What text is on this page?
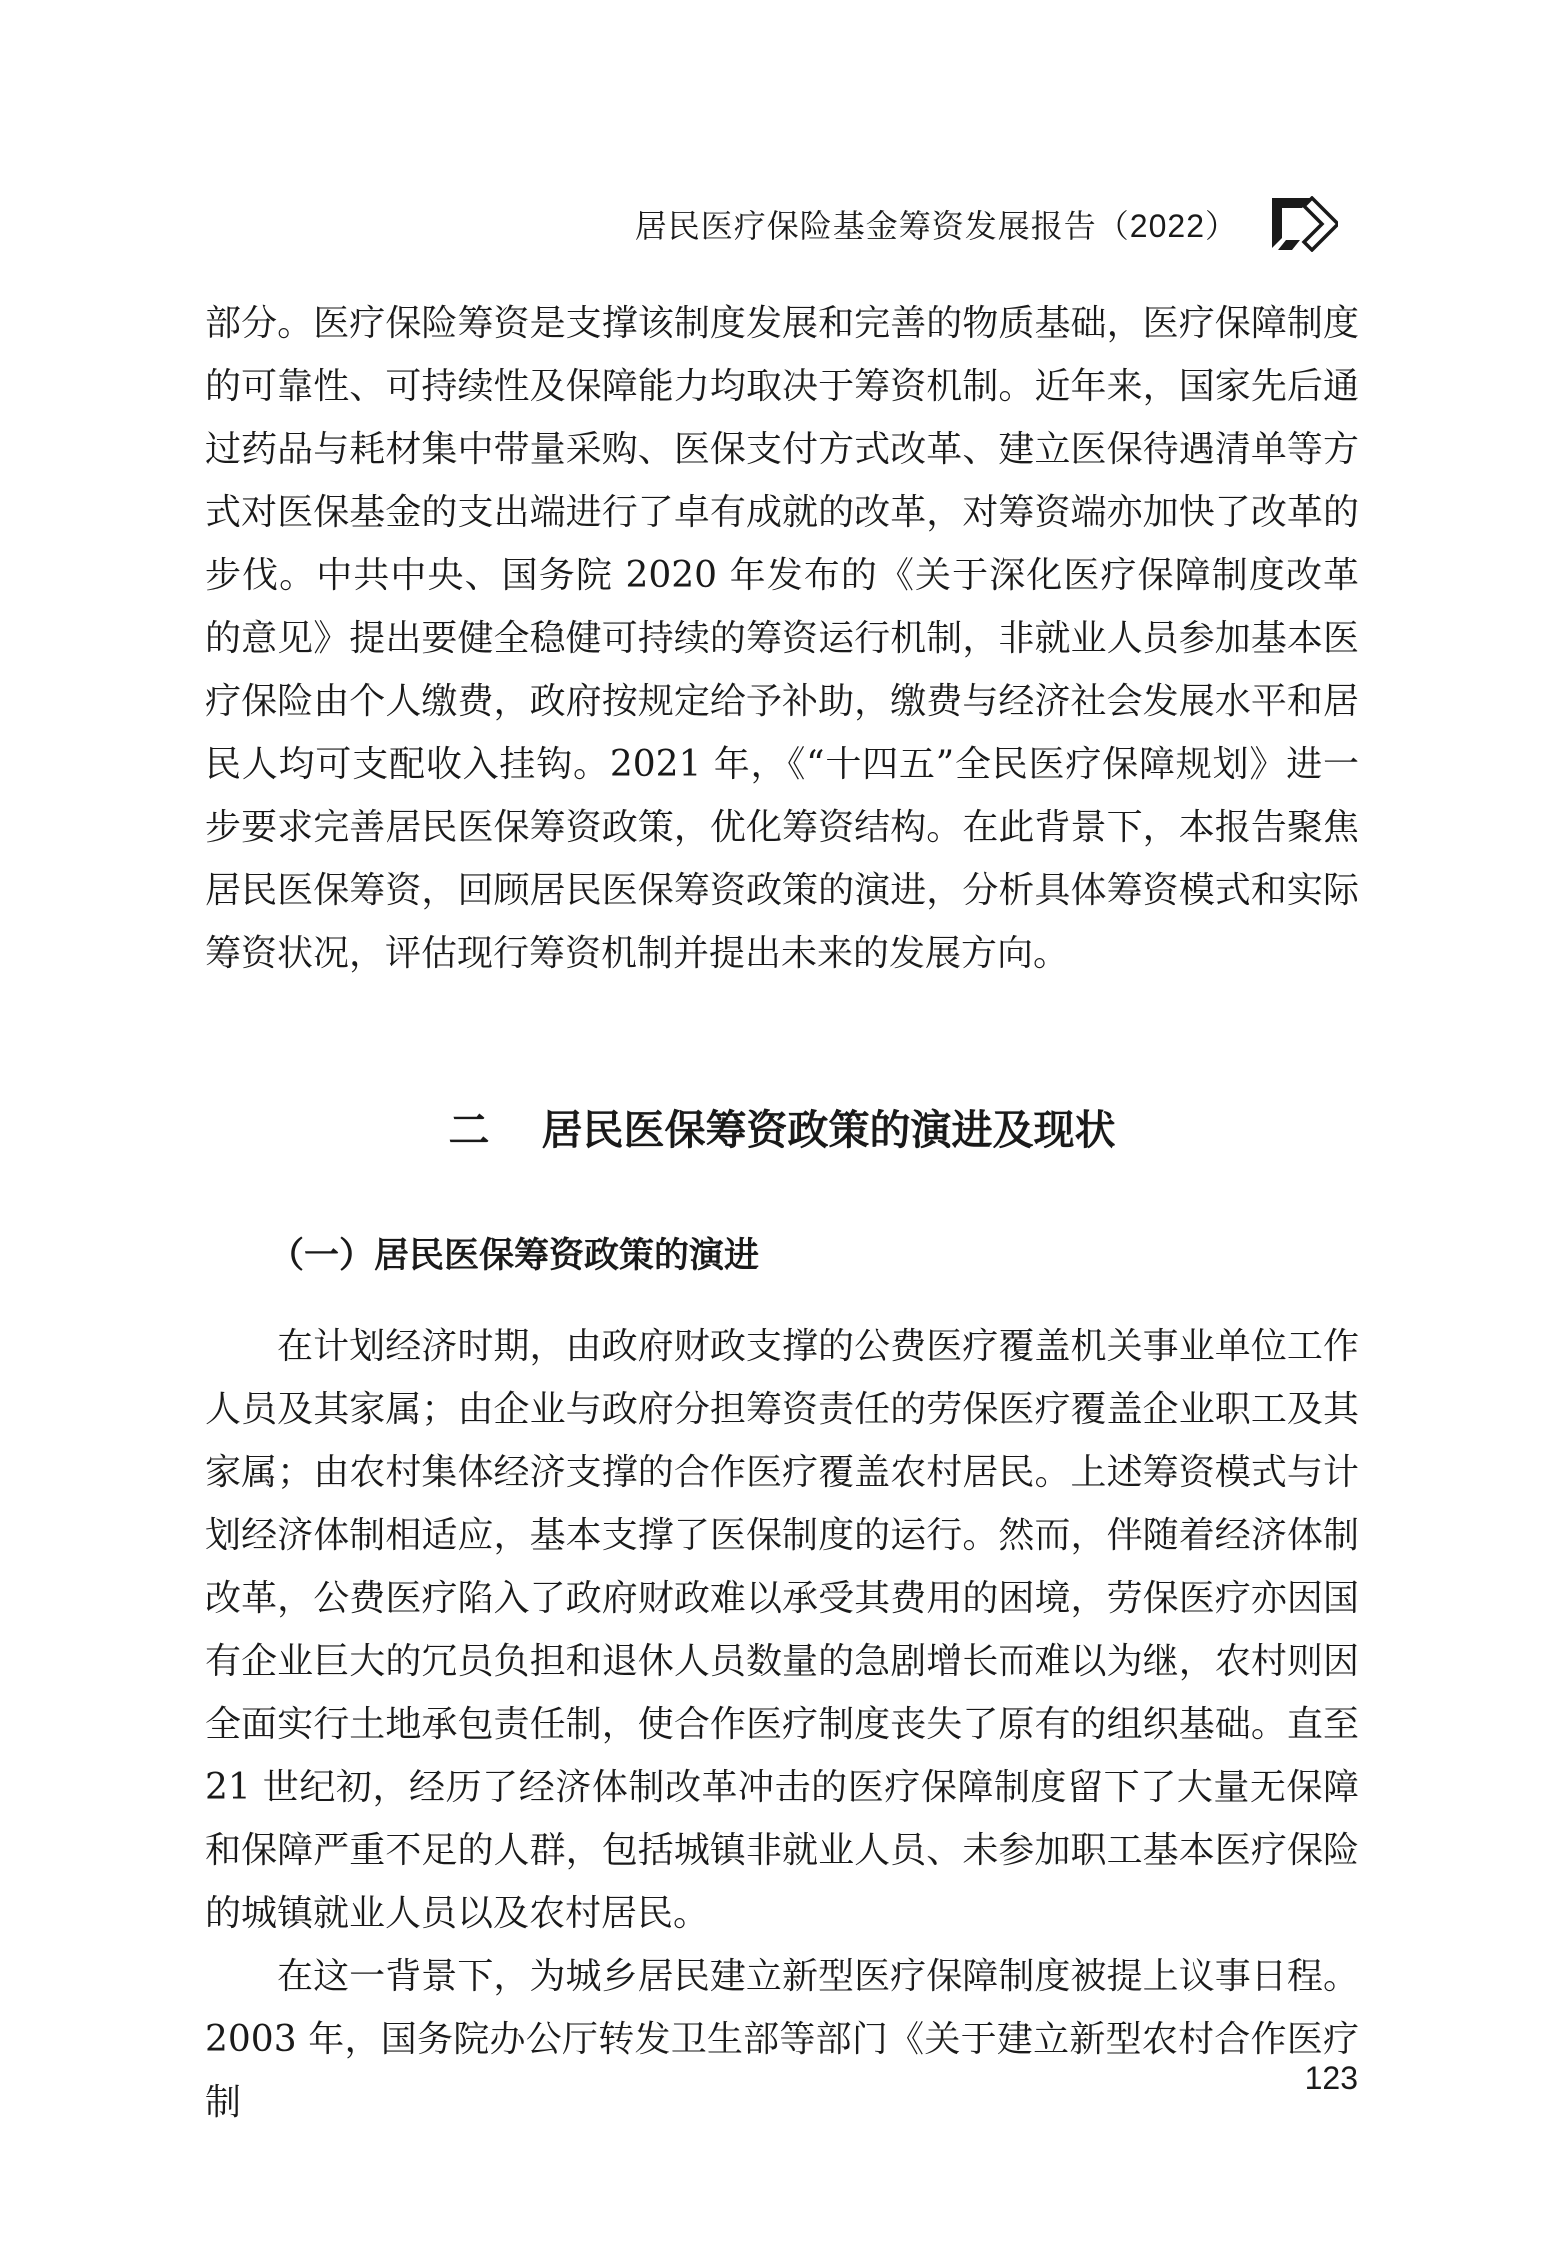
居民医疗保险基金筹资发展报告（2022）

部分。医疗保险筹资是支撑该制度发展和完善的物质基础，医疗保障制度的可靠性、可持续性及保障能力均取决于筹资机制。近年来，国家先后通过药品与耗材集中带量采购、医保支付方式改革、建立医保待遇清单等方式对医保基金的支出端进行了卓有成就的改革，对筹资端亦加快了改革的步伐。中共中央、国务院 2020 年发布的《关于深化医疗保障制度改革的意见》提出要健全稳健可持续的筹资运行机制，非就业人员参加基本医疗保险由个人缴费，政府按规定给予补助，缴费与经济社会发展水平和居民人均可支配收入挂钩。2021 年，《“十四五”全民医疗保障规划》进一步要求完善居民医保筹资政策，优化筹资结构。在此背景下，本报告聚焦居民医保筹资，回顾居民医保筹资政策的演进，分析具体筹资模式和实际筹资状况，评估现行筹资机制并提出未来的发展方向。

二 居民医保筹资政策的演进及现状
（一）居民医保筹资政策的演进

在计划经济时期，由政府财政支撑的公费医疗覆盖机关事业单位工作人员及其家属；由企业与政府分担筹资责任的劳保医疗覆盖企业职工及其家属；由农村集体经济支撑的合作医疗覆盖农村居民。上述筹资模式与计划经济体制相适应，基本支撑了医保制度的运行。然而，伴随着经济体制改革，公费医疗陷入了政府财政难以承受其费用的困境，劳保医疗亦因国有企业巨大的冗员负担和退休人员数量的急剧增长而难以为继，农村则因全面实行土地承包责任制，使合作医疗制度丧失了原有的组织基础。直至 21 世纪初，经历了经济体制改革冲击的医疗保障制度留下了大量无保障和保障严重不足的人群，包括城镇非就业人员、未参加职工基本医疗保险的城镇就业人员以及农村居民。

在这一背景下，为城乡居民建立新型医疗保障制度被提上议事日程。2003 年，国务院办公厅转发卫生部等部门《关于建立新型农村合作医疗制

123
